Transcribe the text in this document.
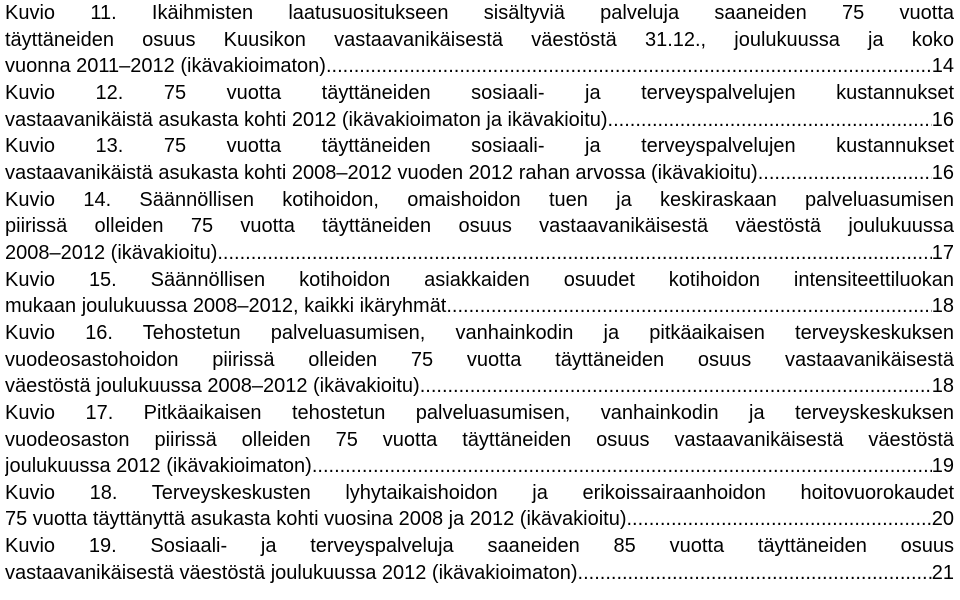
Kuvio 11. Ikäihmisten laatusuositukseen sisältyviä palveluja saaneiden 75 vuotta
täyttäneiden osuus Kuusikon vastaavanikäisestä väestöstä 31.12., joulukuussa ja koko
vuonna 2011–2012 (ikävakioimaton) .....	14
Kuvio 12. 75 vuotta täyttäneiden sosiaali- ja terveyspalvelujen kustannukset
vastaavanikäistä asukasta kohti 2012 (ikävakioimaton ja ikävakioitu) .....	16
Kuvio 13. 75 vuotta täyttäneiden sosiaali- ja terveyspalvelujen kustannukset
vastaavanikäistä asukasta kohti 2008–2012 vuoden 2012 rahan arvossa (ikävakioitu) .....	16
Kuvio 14. Säännöllisen kotihoidon, omaishoidon tuen ja keskiraskaan palveluasumisen
piirissä olleiden 75 vuotta täyttäneiden osuus vastaavanikäisestä väestöstä joulukuussa
2008–2012 (ikävakioitu) .....	17
Kuvio 15. Säännöllisen kotihoidon asiakkaiden osuudet kotihoidon intensiteettiluokan
mukaan joulukuussa 2008–2012, kaikki ikäryhmät .....	18
Kuvio 16. Tehostetun palveluasumisen, vanhainkodin ja pitkäaikaisen terveyskeskuksen
vuodeosastohoidon piirissä olleiden 75 vuotta täyttäneiden osuus vastaavanikäisestä
väestöstä joulukuussa 2008–2012 (ikävakioitu) .....	18
Kuvio 17. Pitkäaikaisen tehostetun palveluasumisen, vanhainkodin ja terveyskeskuksen
vuodeosaston piirissä olleiden 75 vuotta täyttäneiden osuus vastaavanikäisestä väestöstä
joulukuussa 2012 (ikävakioimaton) .....	19
Kuvio 18. Terveyskeskusten lyhytaikaishoidon ja erikoissairaanhoidon hoitovuorokaudet
75 vuotta täyttänyttä asukasta kohti vuosina 2008 ja 2012 (ikävakioitu) .....	20
Kuvio 19. Sosiaali- ja terveyspalveluja saaneiden 85 vuotta täyttäneiden osuus
vastaavanikäisestä väestöstä joulukuussa 2012 (ikävakioimaton) .....	21
